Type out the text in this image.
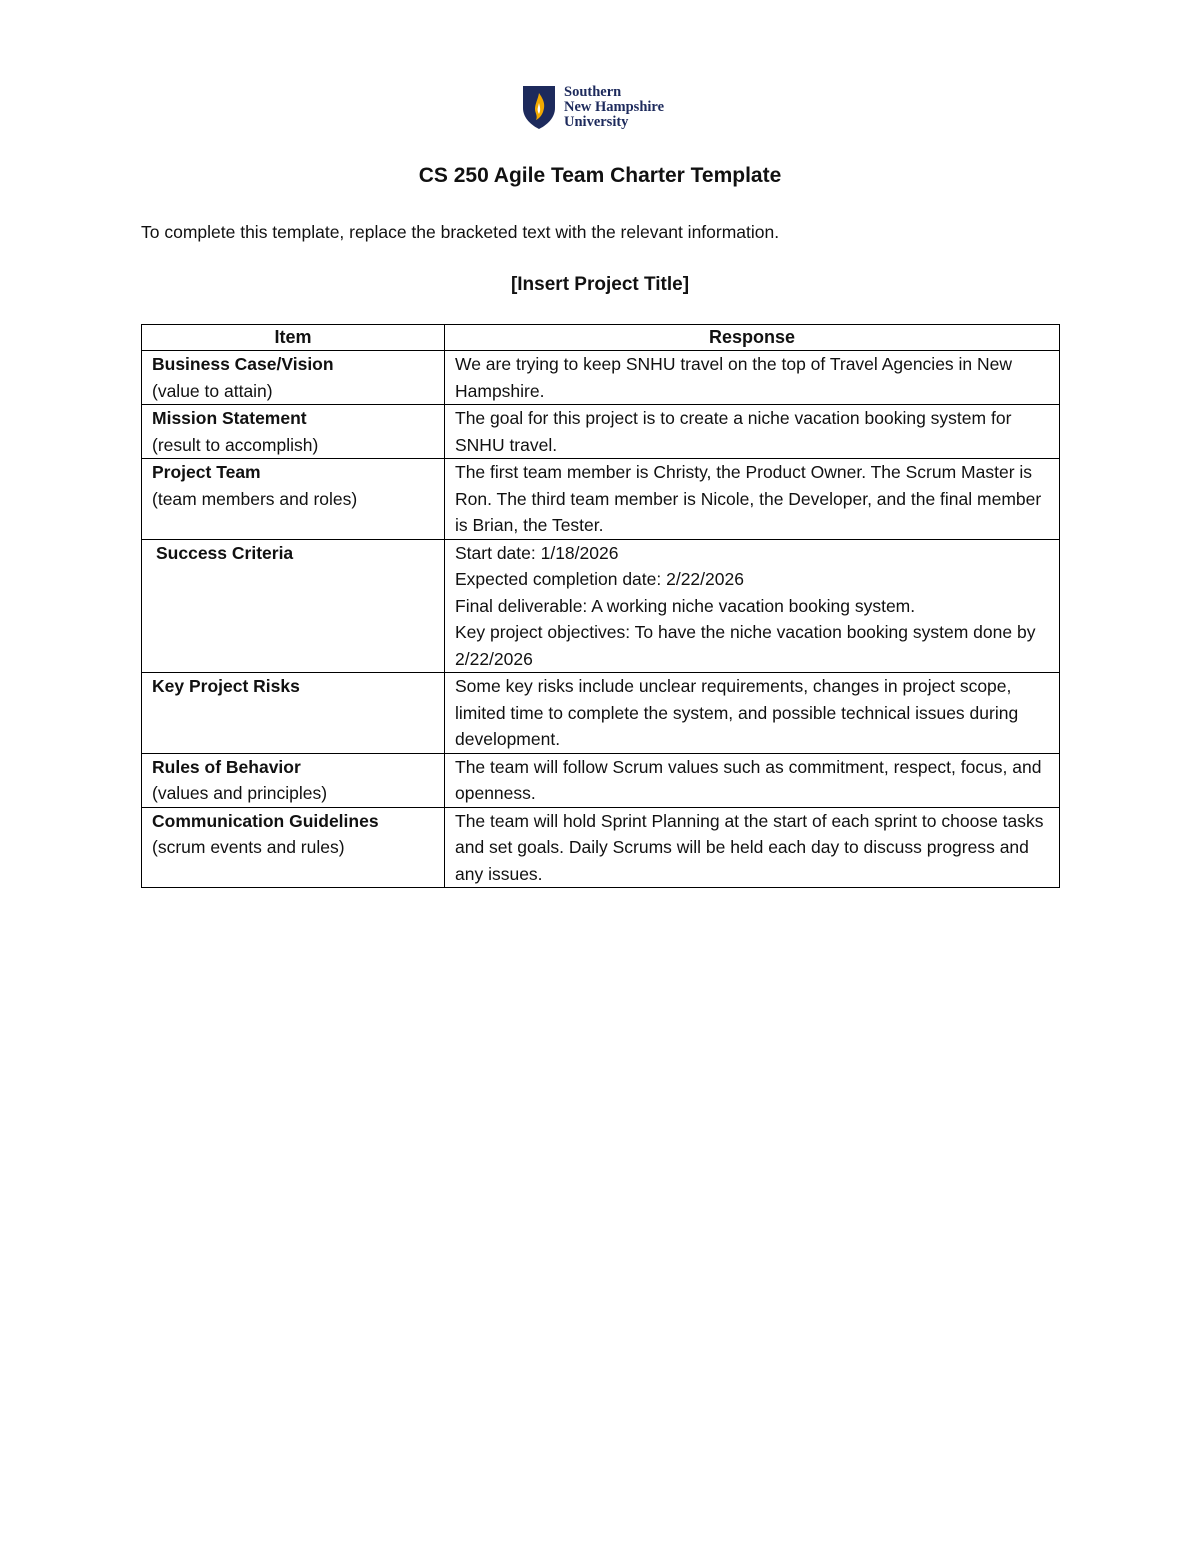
Southern
New Hampshire
University
CS 250 Agile Team Charter Template
To complete this template, replace the bracketed text with the relevant information.
[Insert Project Title]
Item	Response

Business Case/Vision
(value to attain)	We are trying to keep SNHU travel on the top of Travel Agencies in New Hampshire.

Mission Statement
(result to accomplish)	The goal for this project is to create a niche vacation booking system for SNHU travel.

Project Team
(team members and roles)	The first team member is Christy, the Product Owner. The Scrum Master is Ron. The third team member is Nicole, the Developer, and the final member is Brian, the Tester.

Success Criteria	Start date: 1/18/2026
Expected completion date: 2/22/2026
Final deliverable: A working niche vacation booking system.
Key project objectives: To have the niche vacation booking system done by 2/22/2026

Key Project Risks	Some key risks include unclear requirements, changes in project scope, limited time to complete the system, and possible technical issues during development.

Rules of Behavior
(values and principles)	The team will follow Scrum values such as commitment, respect, focus, and openness.

Communication Guidelines
(scrum events and rules)	The team will hold Sprint Planning at the start of each sprint to choose tasks and set goals. Daily Scrums will be held each day to discuss progress and any issues.
